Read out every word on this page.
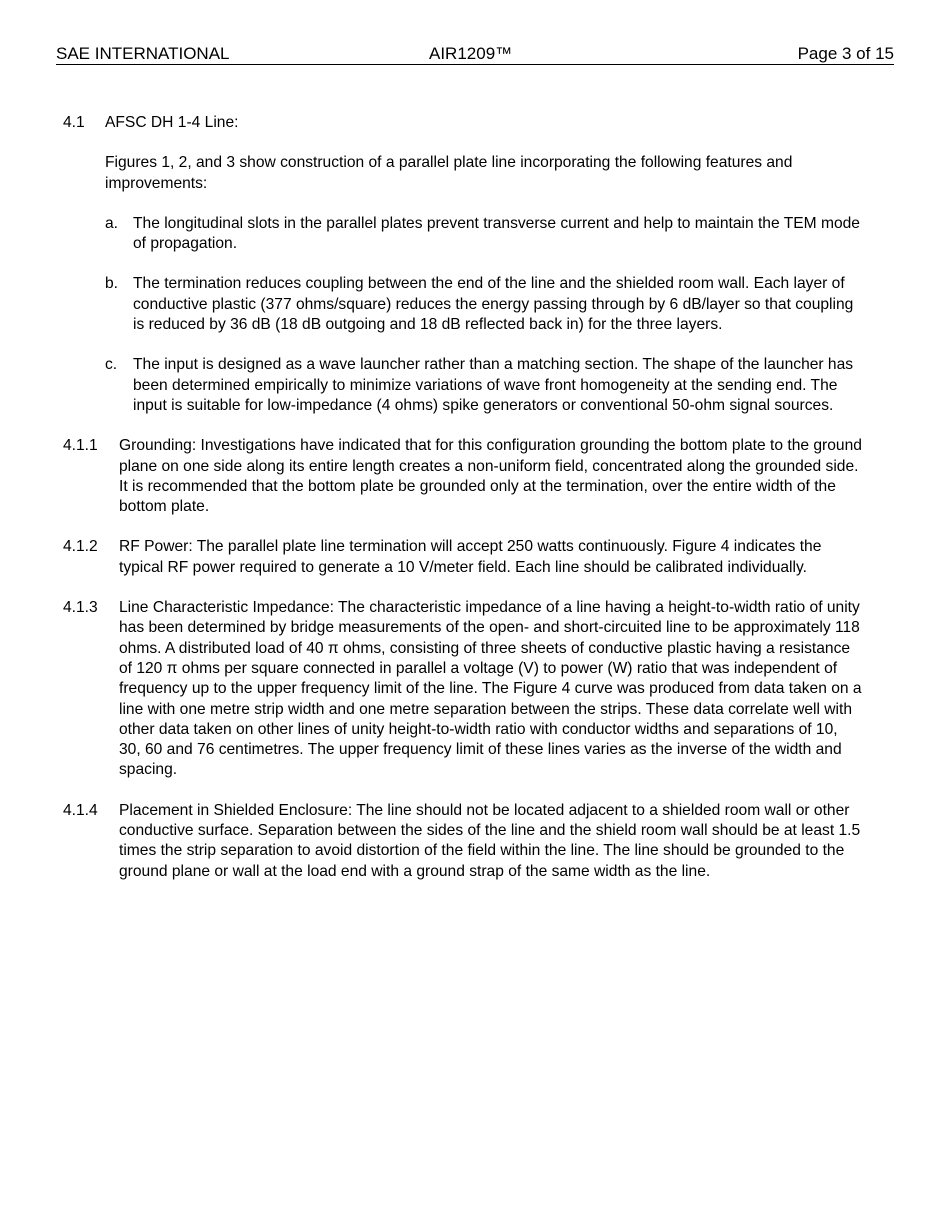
SAE INTERNATIONAL	AIR1209™	Page 3 of 15
4.1	AFSC DH 1-4 Line:
Figures 1, 2, and 3 show construction of a parallel plate line incorporating the following features and improvements:
a. The longitudinal slots in the parallel plates prevent transverse current and help to maintain the TEM mode of propagation.
b. The termination reduces coupling between the end of the line and the shielded room wall. Each layer of conductive plastic (377 ohms/square) reduces the energy passing through by 6 dB/layer so that coupling is reduced by 36 dB (18 dB outgoing and 18 dB reflected back in) for the three layers.
c.	The input is designed as a wave launcher rather than a matching section. The shape of the launcher has been determined empirically to minimize variations of wave front homogeneity at the sending end. The input is suitable for low-impedance (4 ohms) spike generators or conventional 50-ohm signal sources.
4.1.1	Grounding: Investigations have indicated that for this configuration grounding the bottom plate to the ground plane on one side along its entire length creates a non-uniform field, concentrated along the grounded side. It is recommended that the bottom plate be grounded only at the termination, over the entire width of the bottom plate.
4.1.2	RF Power: The parallel plate line termination will accept 250 watts continuously. Figure 4 indicates the typical RF power required to generate a 10 V/meter field. Each line should be calibrated individually.
4.1.3	Line Characteristic Impedance: The characteristic impedance of a line having a height-to-width ratio of unity has been determined by bridge measurements of the open- and short-circuited line to be approximately 118 ohms. A distributed load of 40 π ohms, consisting of three sheets of conductive plastic having a resistance of 120 π ohms per square connected in parallel a voltage (V) to power (W) ratio that was independent of frequency up to the upper frequency limit of the line. The Figure 4 curve was produced from data taken on a line with one metre strip width and one metre separation between the strips. These data correlate well with other data taken on other lines of unity height-to-width ratio with conductor widths and separations of 10, 30, 60 and 76 centimetres. The upper frequency limit of these lines varies as the inverse of the width and spacing.
4.1.4	Placement in Shielded Enclosure: The line should not be located adjacent to a shielded room wall or other conductive surface. Separation between the sides of the line and the shield room wall should be at least 1.5 times the strip separation to avoid distortion of the field within the line. The line should be grounded to the ground plane or wall at the load end with a ground strap of the same width as the line.
